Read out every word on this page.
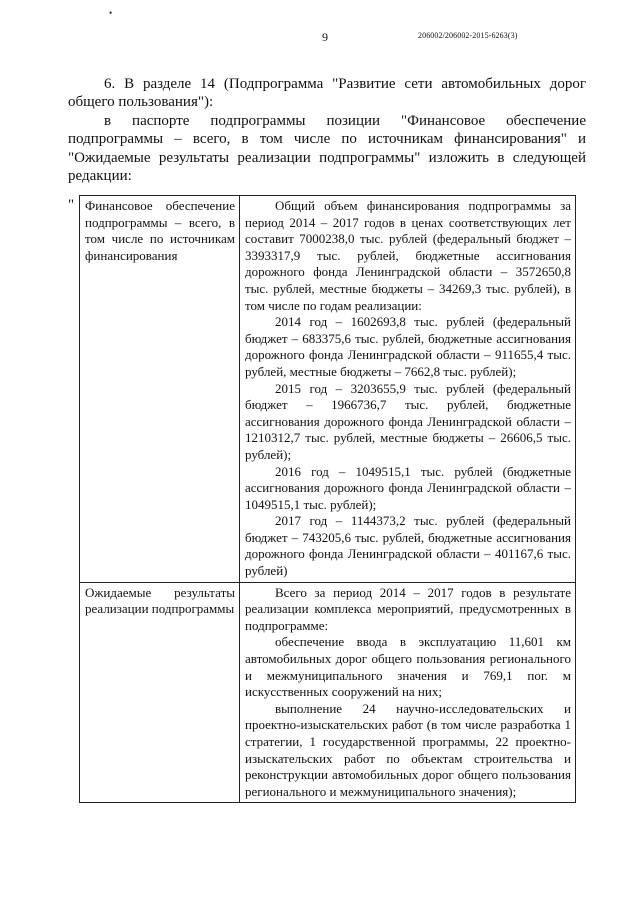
•
9	206002/206002-2015-6263(3)

6. В разделе 14 (Подпрограмма "Развитие сети автомобильных дорог общего пользования"):

в паспорте подпрограммы позиции "Финансовое обеспечение подпрограммы – всего, в том числе по источникам финансирования" и "Ожидаемые результаты реализации подпрограммы" изложить в следующей редакции:

" Финансовое обеспечение подпрограммы – всего, в том числе по источникам финансирования	Общий объем финансирования подпрограммы за период 2014 – 2017 годов в ценах соответствующих лет составит 7000238,0 тыс. рублей (федеральный бюджет – 3393317,9 тыс. рублей, бюджетные ассигнования дорожного фонда Ленинградской области – 3572650,8 тыс. рублей, местные бюджеты – 34269,3 тыс. рублей), в том числе по годам реализации:

2014 год – 1602693,8 тыс. рублей (федеральный бюджет – 683375,6 тыс. рублей, бюджетные ассигнования дорожного фонда Ленинградской области – 911655,4 тыс. рублей, местные бюджеты – 7662,8 тыс. рублей);

2015 год – 3203655,9 тыс. рублей (федеральный бюджет – 1966736,7 тыс. рублей, бюджетные ассигнования дорожного фонда Ленинградской области – 1210312,7 тыс. рублей, местные бюджеты – 26606,5 тыс. рублей);

2016 год – 1049515,1 тыс. рублей (бюджетные ассигнования дорожного фонда Ленинградской области – 1049515,1 тыс. рублей);

2017 год – 1144373,2 тыс. рублей (федеральный бюджет – 743205,6 тыс. рублей, бюджетные ассигнования дорожного фонда Ленинградской области – 401167,6 тыс. рублей)

Ожидаемые результаты реализации подпрограммы	Всего за период 2014 – 2017 годов в результате реализации комплекса мероприятий, предусмотренных в подпрограмме:

обеспечение ввода в эксплуатацию 11,601 км автомобильных дорог общего пользования регионального и межмуниципального значения и 769,1 пог. м искусственных сооружений на них;

выполнение 24 научно-исследовательских и проектно-изыскательских работ (в том числе разработка 1 стратегии, 1 государственной программы, 22 проектно-изыскательских работ по объектам строительства и реконструкции автомобильных дорог общего пользования регионального и межмуниципального значения);
